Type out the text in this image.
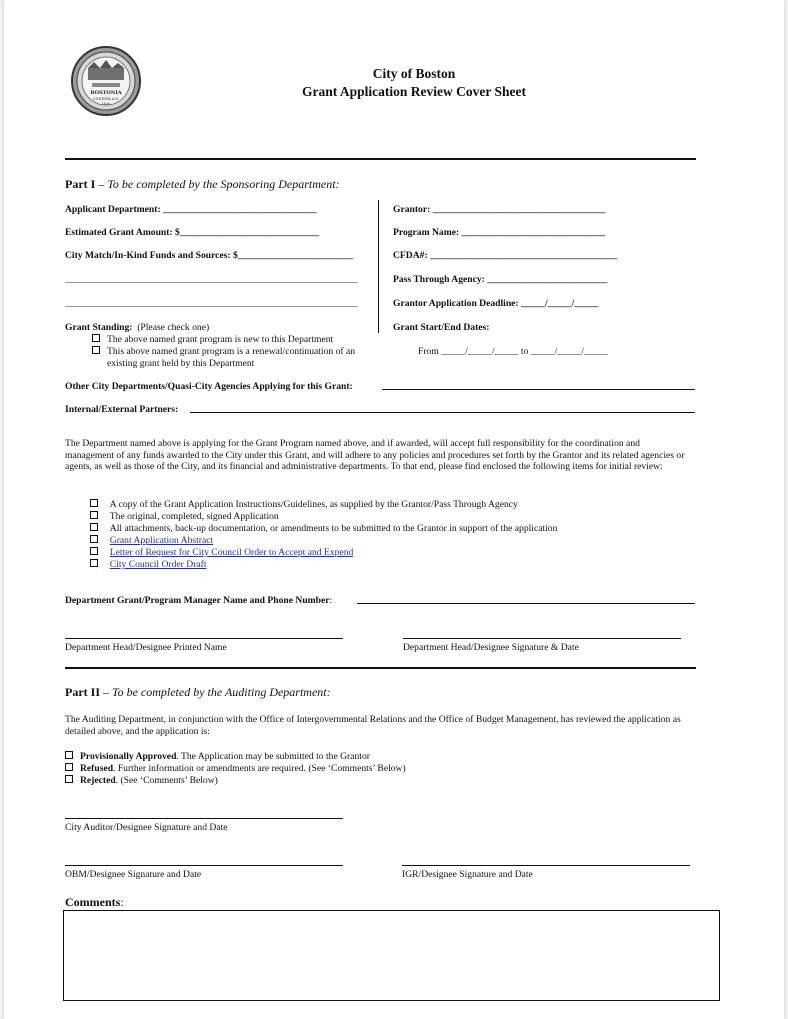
BOSTONIA
CONDITA A.D.
1630
City of Boston
Grant Application Review Cover Sheet
Part I – To be completed by the Sponsoring Department:
Applicant Department: ________________________________
Estimated Grant Amount: $_____________________________
City Match/In-Kind Funds and Sources: $________________________
_____________________________________________________________
_____________________________________________________________
Grant Standing: (Please check one)
The above named grant program is new to this Department
This above named grant program is a renewal/continuation of an
existing grant held by this Department
Grantor: ____________________________________
Program Name: ______________________________
CFDA#: _______________________________________
Pass Through Agency: _________________________
Grantor Application Deadline: _____/_____/_____
Grant Start/End Dates:
From _____/_____/_____ to _____/_____/_____
Other City Departments/Quasi-City Agencies Applying for this Grant:
Internal/External Partners:
The Department named above is applying for the Grant Program named above, and if awarded, will accept full responsibility for the coordination and management of any funds awarded to the City under this Grant, and will adhere to any policies and procedures set forth by the Grantor and its related agencies or agents, as well as those of the City, and its financial and administrative departments. To that end, please find enclosed the following items for initial review:
A copy of the Grant Application Instructions/Guidelines, as supplied by the Grantor/Pass Through Agency
The original, completed, signed Application
All attachments, back-up documentation, or amendments to be submitted to the Grantor in support of the application
Grant Application Abstract
Letter of Request for City Council Order to Accept and Expend
City Council Order Draft
Department Grant/Program Manager Name and Phone Number:
Department Head/Designee Printed Name	Department Head/Designee Signature & Date
Part II – To be completed by the Auditing Department:
The Auditing Department, in conjunction with the Office of Intergovernmental Relations and the Office of Budget Management, has reviewed the application as detailed above, and the application is:
Provisionally Approved. The Application may be submitted to the Grantor
Refused. Further information or amendments are required. (See ‘Comments’ Below)
Rejected. (See ‘Comments’ Below)
City Auditor/Designee Signature and Date
OBM/Designee Signature and Date	IGR/Designee Signature and Date
Comments:
